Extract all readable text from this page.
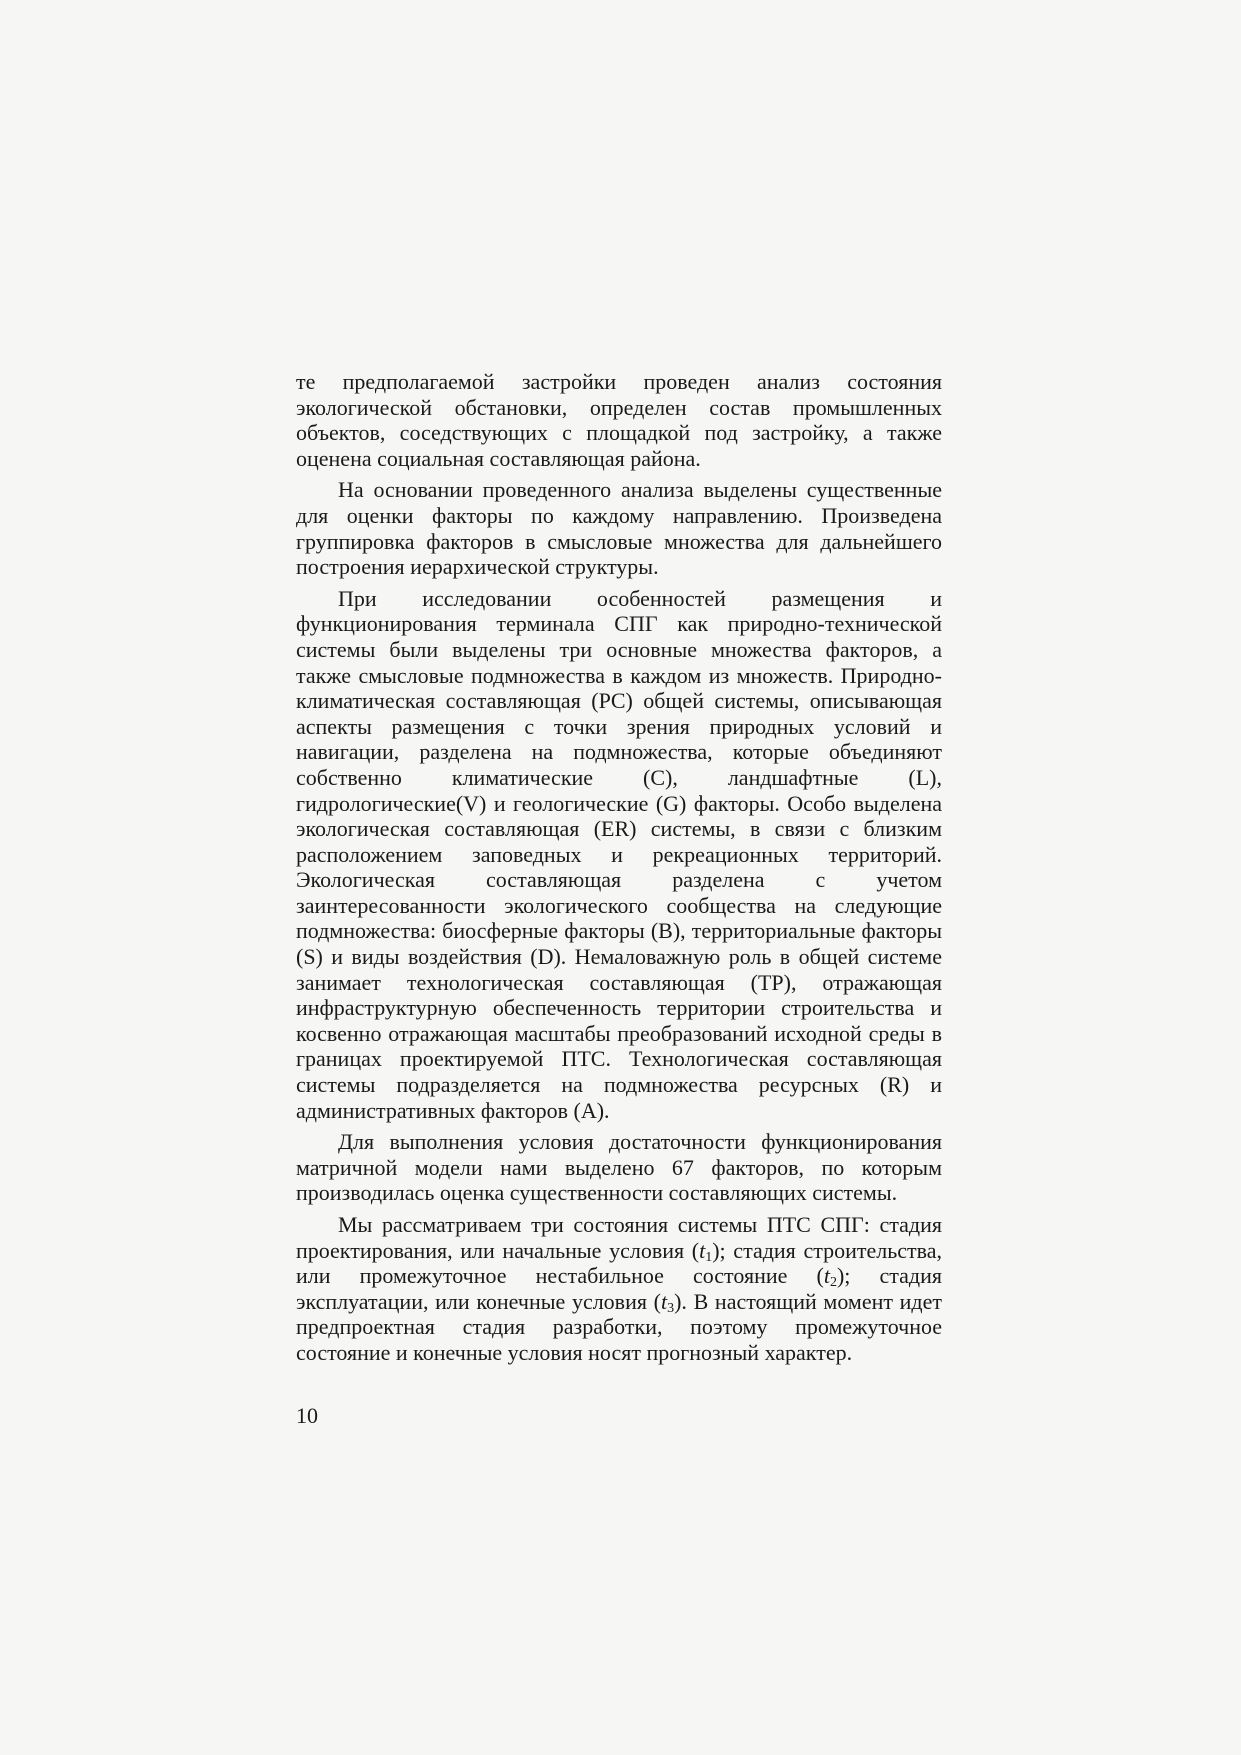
те предполагаемой застройки проведен анализ состояния экологической обстановки, определен состав промышленных объектов, соседствующих с площадкой под застройку, а также оценена социальная составляющая района.

На основании проведенного анализа выделены существенные для оценки факторы по каждому направлению. Произведена группировка факторов в смысловые множества для дальнейшего построения иерархической структуры.

При исследовании особенностей размещения и функционирования терминала СПГ как природно-технической системы были выделены три основные множества факторов, а также смысловые подмножества в каждом из множеств. Природно-климатическая составляющая (PC) общей системы, описывающая аспекты размещения с точки зрения природных условий и навигации, разделена на подмножества, которые объединяют собственно климатические (C), ландшафтные (L), гидрологические(V) и геологические (G) факторы. Особо выделена экологическая составляющая (ER) системы, в связи с близким расположением заповедных и рекреационных территорий. Экологическая составляющая разделена с учетом заинтересованности экологического сообщества на следующие подмножества: биосферные факторы (B), территориальные факторы (S) и виды воздействия (D). Немаловажную роль в общей системе занимает технологическая составляющая (TP), отражающая инфраструктурную обеспеченность территории строительства и косвенно отражающая масштабы преобразований исходной среды в границах проектируемой ПТС. Технологическая составляющая системы подразделяется на подмножества ресурсных (R) и административных факторов (A).

Для выполнения условия достаточности функционирования матричной модели нами выделено 67 факторов, по которым производилась оценка существенности составляющих системы.

Мы рассматриваем три состояния системы ПТС СПГ: стадия проектирования, или начальные условия $(t_1)$; стадия строительства, или промежуточное нестабильное состояние $(t_2)$; стадия эксплуатации, или конечные условия $(t_3)$. В настоящий момент идет предпроектная стадия разработки, поэтому промежуточное состояние и конечные условия носят прогнозный характер.

10
